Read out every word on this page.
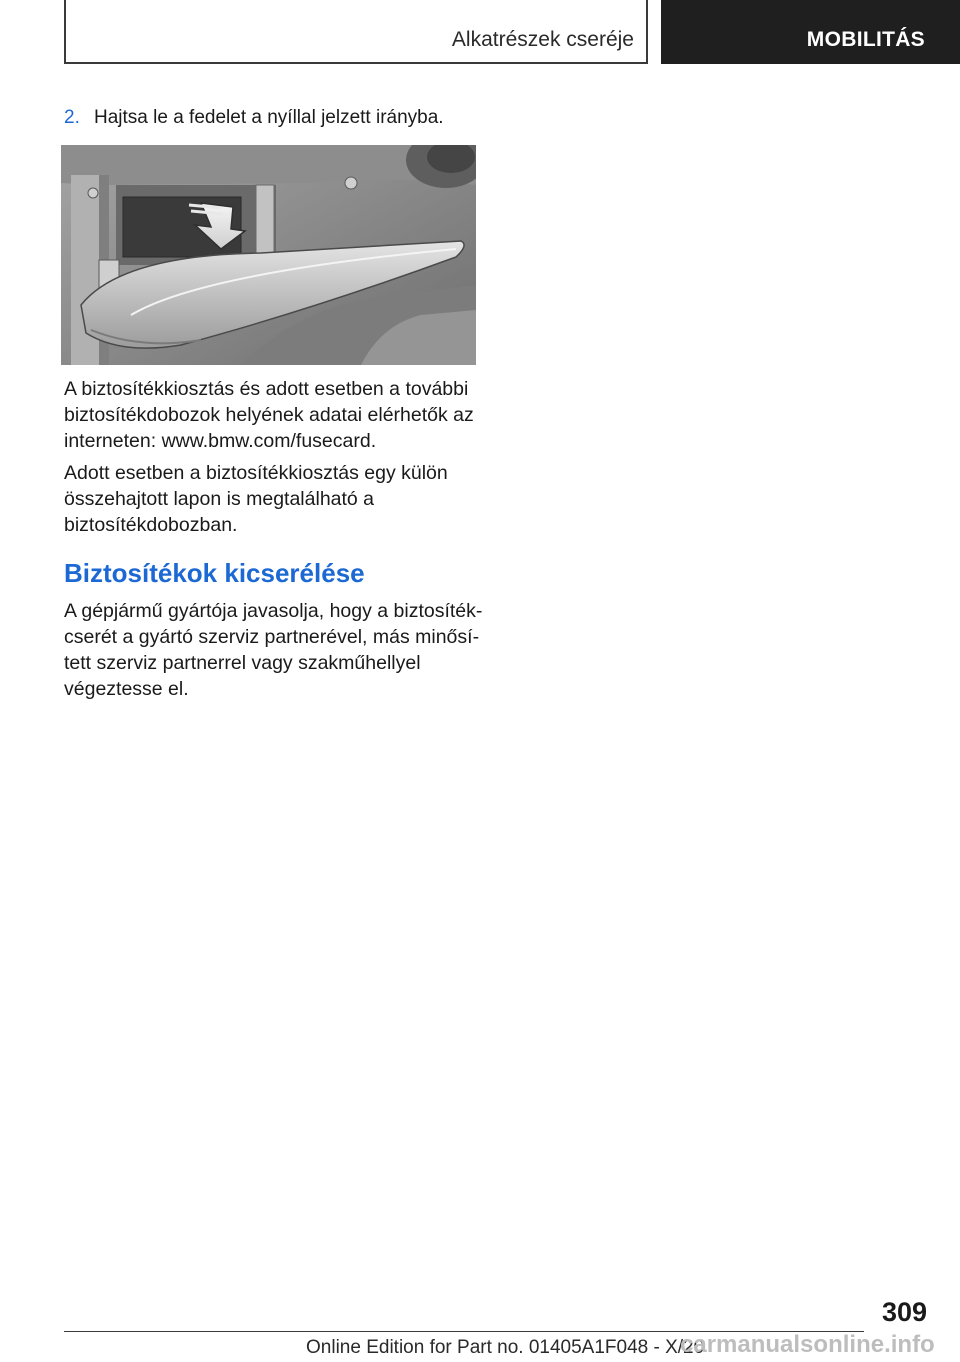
Alkatrészek cseréje	MOBILITÁS
2. Hajtsa le a fedelet a nyíllal jelzett irányba.

A biztosítékkiosztás és adott esetben a további biztosítékdobozok helyének adatai elérhetők az interneten: www.bmw.com/fusecard.

Adott esetben a biztosítékkiosztás egy külön összehajtott lapon is megtalálható a biztosítékdobozban.

Biztosítékok kicserélése

A gépjármű gyártója javasolja, hogy a biztosítékcserét a gyártó szerviz partnerével, más minősített szerviz partnerrel vagy szakműhellyel végeztesse el.

309
Online Edition for Part no. 01405A1F048 - X/20
carmanualsonline.info
